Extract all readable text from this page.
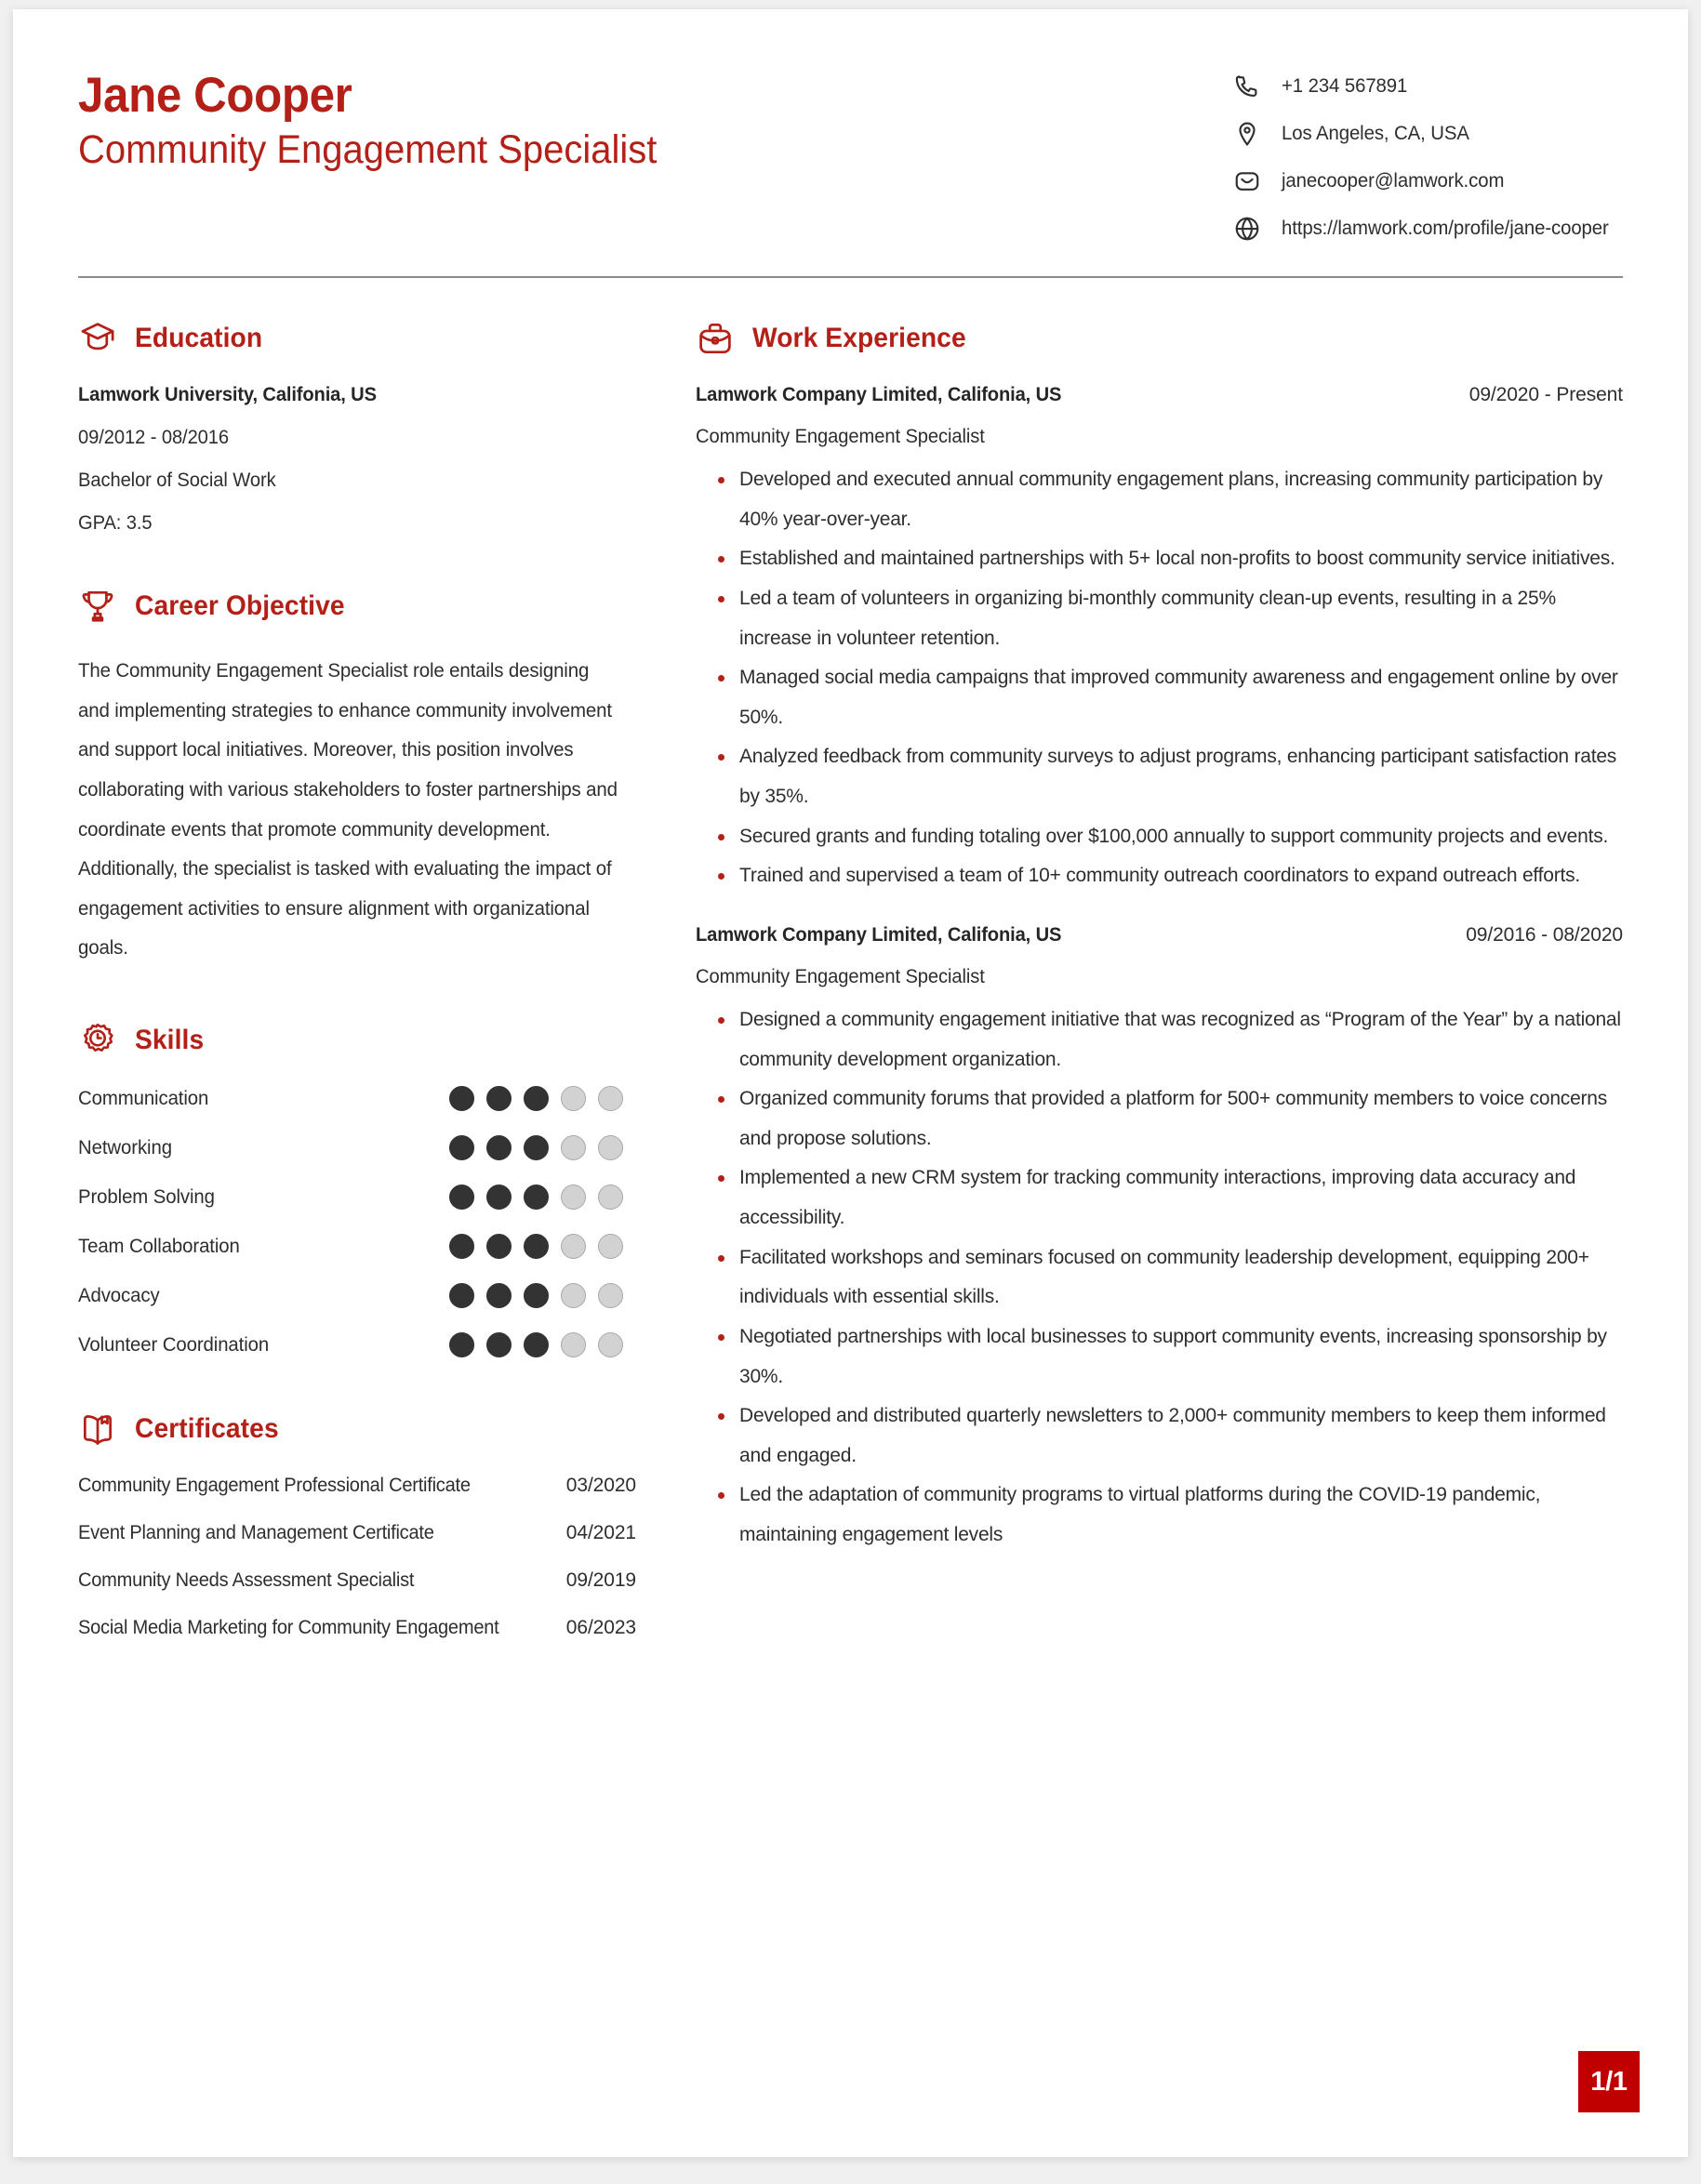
Jane Cooper
Community Engagement Specialist
+1 234 567891
Los Angeles, CA, USA
janecooper@lamwork.com
https://lamwork.com/profile/jane-cooper
Education
Lamwork University, Califonia, US
09/2012 - 08/2016
Bachelor of Social Work
GPA: 3.5
Career Objective
The Community Engagement Specialist role entails designing and implementing strategies to enhance community involvement and support local initiatives. Moreover, this position involves collaborating with various stakeholders to foster partnerships and coordinate events that promote community development. Additionally, the specialist is tasked with evaluating the impact of engagement activities to ensure alignment with organizational goals.
Skills
Communication
Networking
Problem Solving
Team Collaboration
Advocacy
Volunteer Coordination
Certificates
Community Engagement Professional Certificate	03/2020
Event Planning and Management Certificate	04/2021
Community Needs Assessment Specialist	09/2019
Social Media Marketing for Community Engagement	06/2023
Work Experience
Lamwork Company Limited, Califonia, US	09/2020 - Present
Community Engagement Specialist
Developed and executed annual community engagement plans, increasing community participation by 40% year-over-year.
Established and maintained partnerships with 5+ local non-profits to boost community service initiatives.
Led a team of volunteers in organizing bi-monthly community clean-up events, resulting in a 25% increase in volunteer retention.
Managed social media campaigns that improved community awareness and engagement online by over 50%.
Analyzed feedback from community surveys to adjust programs, enhancing participant satisfaction rates by 35%.
Secured grants and funding totaling over $100,000 annually to support community projects and events.
Trained and supervised a team of 10+ community outreach coordinators to expand outreach efforts.
Lamwork Company Limited, Califonia, US	09/2016 - 08/2020
Community Engagement Specialist
Designed a community engagement initiative that was recognized as “Program of the Year” by a national community development organization.
Organized community forums that provided a platform for 500+ community members to voice concerns and propose solutions.
Implemented a new CRM system for tracking community interactions, improving data accuracy and accessibility.
Facilitated workshops and seminars focused on community leadership development, equipping 200+ individuals with essential skills.
Negotiated partnerships with local businesses to support community events, increasing sponsorship by 30%.
Developed and distributed quarterly newsletters to 2,000+ community members to keep them informed and engaged.
Led the adaptation of community programs to virtual platforms during the COVID-19 pandemic, maintaining engagement levels
1/1
